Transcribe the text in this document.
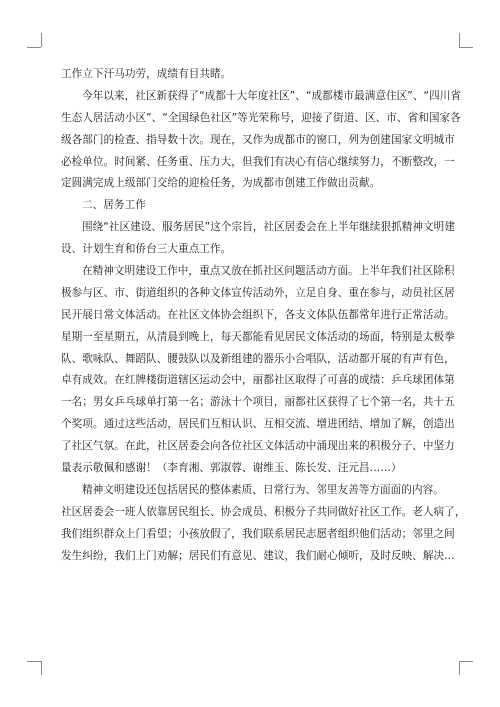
工作立下汗马功劳，成绩有目共睹。
今年以来，社区新获得了“成都十大年度社区”、“成都楼市最满意住区”、“四川省
生态人居活动小区”、“全国绿色社区”等光荣称号，迎接了街道、区、市、省和国家各
级各部门的检查、指导数十次。现在，又作为成都市的窗口，列为创建国家文明城市
必检单位。时间紧、任务重、压力大，但我们有决心有信心继续努力，不断整改，一
定圆满完成上级部门交给的迎检任务，为成都市创建工作做出贡献。
二、居务工作
围绕“社区建设、服务居民”这个宗旨，社区居委会在上半年继续狠抓精神文明建
设、计划生育和侨台三大重点工作。
在精神文明建设工作中，重点又放在抓社区问题活动方面。上半年我们社区除积
极参与区、市、街道组织的各种文体宣传活动外，立足自身、重在参与，动员社区居
民开展日常文体活动。在社区文体协会组织下，各支文体队伍都常年进行正常活动。
星期一至星期五，从清晨到晚上，每天都能看见居民文体活动的场面，特别是太极拳
队、歌咏队、舞蹈队、腰鼓队以及新组建的器乐小合唱队，活动都开展的有声有色，
卓有成效。在红牌楼街道辖区运动会中，丽都社区取得了可喜的成绩：乒乓球团体第
一名；男女乒乓球单打第一名；游泳十个项目，丽都社区获得了七个第一名，共十五
个奖项。通过这些活动，居民们互相认识、互相交流、增进团结、增加了解，创造出
了社区气氛。在此，社区居委会向各位社区文体活动中涌现出来的积极分子、中坚力
量表示敬佩和感谢！（李育湘、郭淑蓉、谢维玉、陈长发、汪元昌……）
精神文明建设还包括居民的整体素质、日常行为、邻里友善等方面面的内容。
社区居委会一班人依靠居民组长、协会成员、积极分子共同做好社区工作。老人病了，
我们组织群众上门看望；小孩放假了，我们联系居民志愿者组织他们活动；邻里之间
发生纠纷，我们上门劝解；居民们有意见、建议，我们耐心倾听，及时反映、解决…
